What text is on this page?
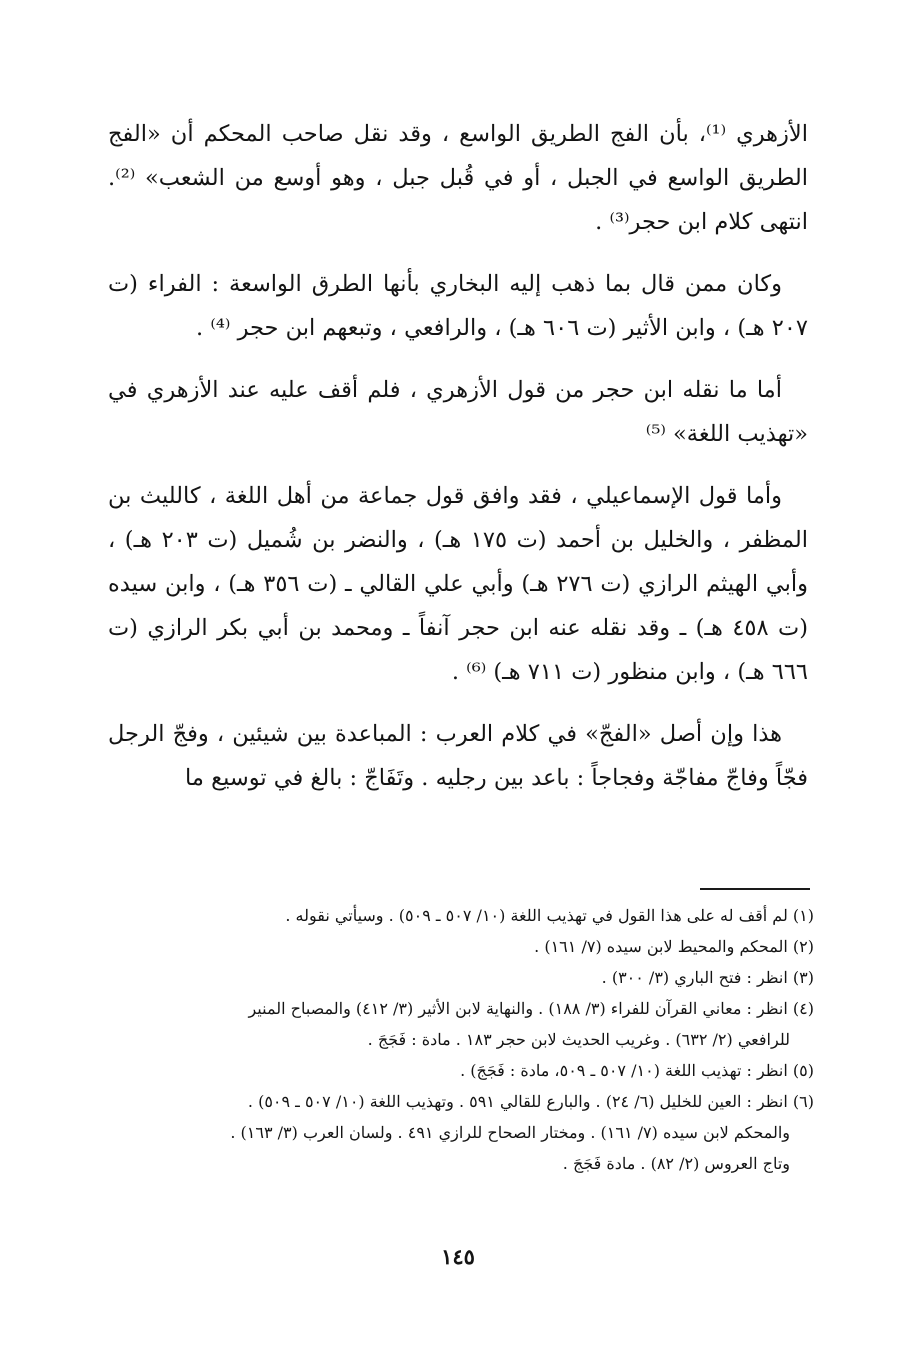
الأزهري ⁽¹⁾، بأن الفج الطريق الواسع ، وقد نقل صاحب المحكم أن «الفج الطريق الواسع في الجبل ، أو في قُبل جبل ، وهو أوسع من الشعب» ⁽²⁾. انتهى كلام ابن حجر⁽³⁾ .

وكان ممن قال بما ذهب إليه البخاري بأنها الطرق الواسعة : الفراء (ت ٢٠٧ هـ) ، وابن الأثير (ت ٦٠٦ هـ) ، والرافعي ، وتبعهم ابن حجر ⁽⁴⁾ .

أما ما نقله ابن حجر من قول الأزهري ، فلم أقف عليه عند الأزهري في «تهذيب اللغة» ⁽⁵⁾

وأما قول الإسماعيلي ، فقد وافق قول جماعة من أهل اللغة ، كالليث بن المظفر ، والخليل بن أحمد (ت ١٧٥ هـ) ، والنضر بن شُميل (ت ٢٠٣ هـ) ، وأبي الهيثم الرازي (ت ٢٧٦ هـ) وأبي علي القالي ـ (ت ٣٥٦ هـ) ، وابن سيده (ت ٤٥٨ هـ) ـ وقد نقله عنه ابن حجر آنفاً ـ ومحمد بن أبي بكر الرازي (ت ٦٦٦ هـ) ، وابن منظور (ت ٧١١ هـ) ⁽⁶⁾ .

هذا وإن أصل «الفجّ» في كلام العرب : المباعدة بين شيئين ، وفجّ الرجل فجّاً وفاجّ مفاجّة وفجاجاً : باعد بين رجليه . وتَفَاجّ : بالغ في توسيع ما

(١) لم أقف له على هذا القول في تهذيب اللغة (١٠/ ٥٠٧ ـ ٥٠٩) . وسيأتي نقوله .

(٢) المحكم والمحيط لابن سيده (٧/ ١٦١) .

(٣) انظر : فتح الباري (٣/ ٣٠٠) .

(٤) انظر : معاني القرآن للفراء (٣/ ١٨٨) . والنهاية لابن الأثير (٣/ ٤١٢) والمصباح المنير

للرافعي (٢/ ٦٣٢) . وغريب الحديث لابن حجر ١٨٣ . مادة : فَجَجَ .

(٥) انظر : تهذيب اللغة (١٠/ ٥٠٧ ـ ٥٠٩، مادة : فَجَجَ) .

(٦) انظر : العين للخليل (٦/ ٢٤) . والبارع للقالي ٥٩١ . وتهذيب اللغة (١٠/ ٥٠٧ ـ ٥٠٩) .

والمحكم لابن سيده (٧/ ١٦١) . ومختار الصحاح للرازي ٤٩١ . ولسان العرب (٣/ ١٦٣) .

وتاج العروس (٢/ ٨٢) . مادة فَجَجَ .

١٤٥
